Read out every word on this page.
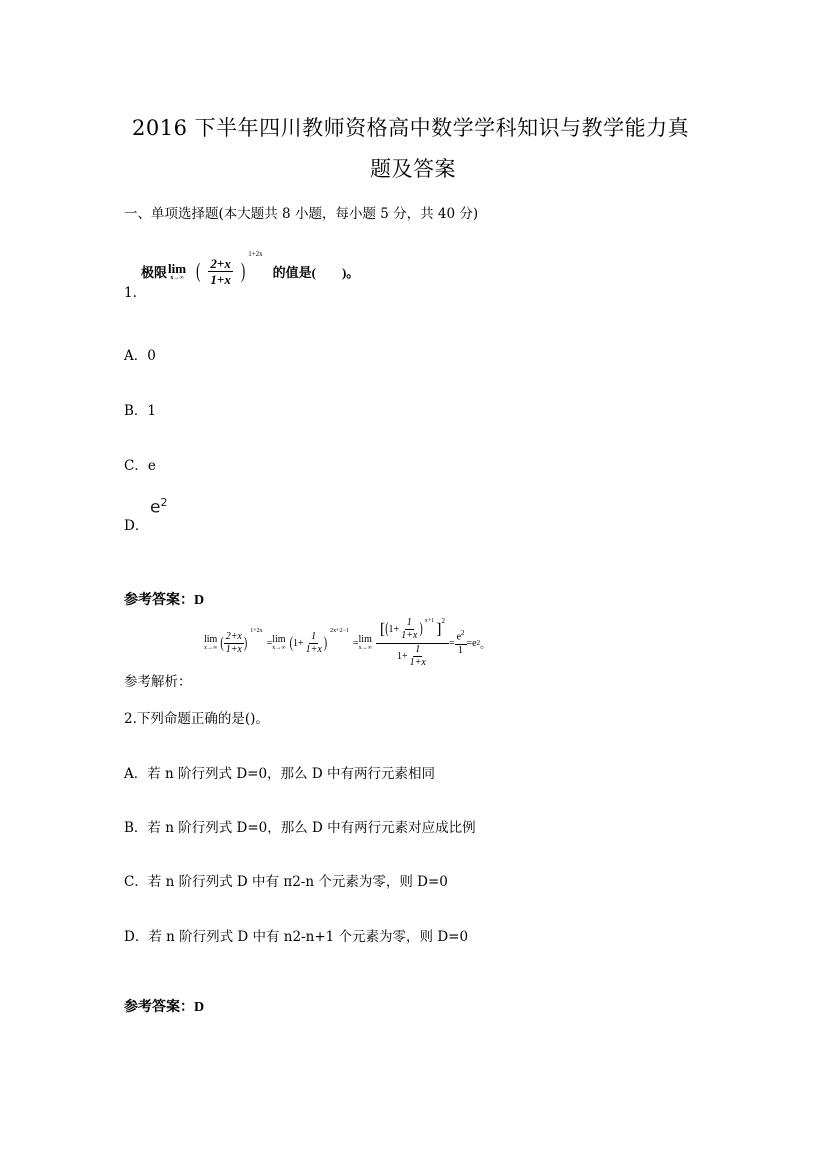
2016 下半年四川教师资格高中数学学科知识与教学能力真
题及答案
一、单项选择题(本大题共 8 小题，每小题 5 分，共 40 分)
极限 lim
x→∞ ( $\frac{2+x}{1+x}$ )
1+2x
的值是(　　)。
1.
A．0
B．1
C．e
D．
$e^2$
参考答案：D
lim
x→∞ ( $\frac{2+x}{1+x}$ )
1+2x
= lim
x→∞ ( $1+ \frac{1}{1+x}$ )
2x+2−1
= lim
x→∞
[ ( $1+ \frac{1}{1+x}$ ) x+1 ] 2
$1+ \frac{1}{1+x}$
= $\frac{e^2}{1} = e$ 2 。
参考解析：
2.下列命题正确的是()。
A．若 n 阶行列式 D=0，那么 D 中有两行元素相同
B．若 n 阶行列式 D=0，那么 D 中有两行元素对应成比例
C．若 n 阶行列式 D 中有 π2-n 个元素为零，则 D=0
D．若 n 阶行列式 D 中有 n2-n+1 个元素为零，则 D=0
参考答案：D
